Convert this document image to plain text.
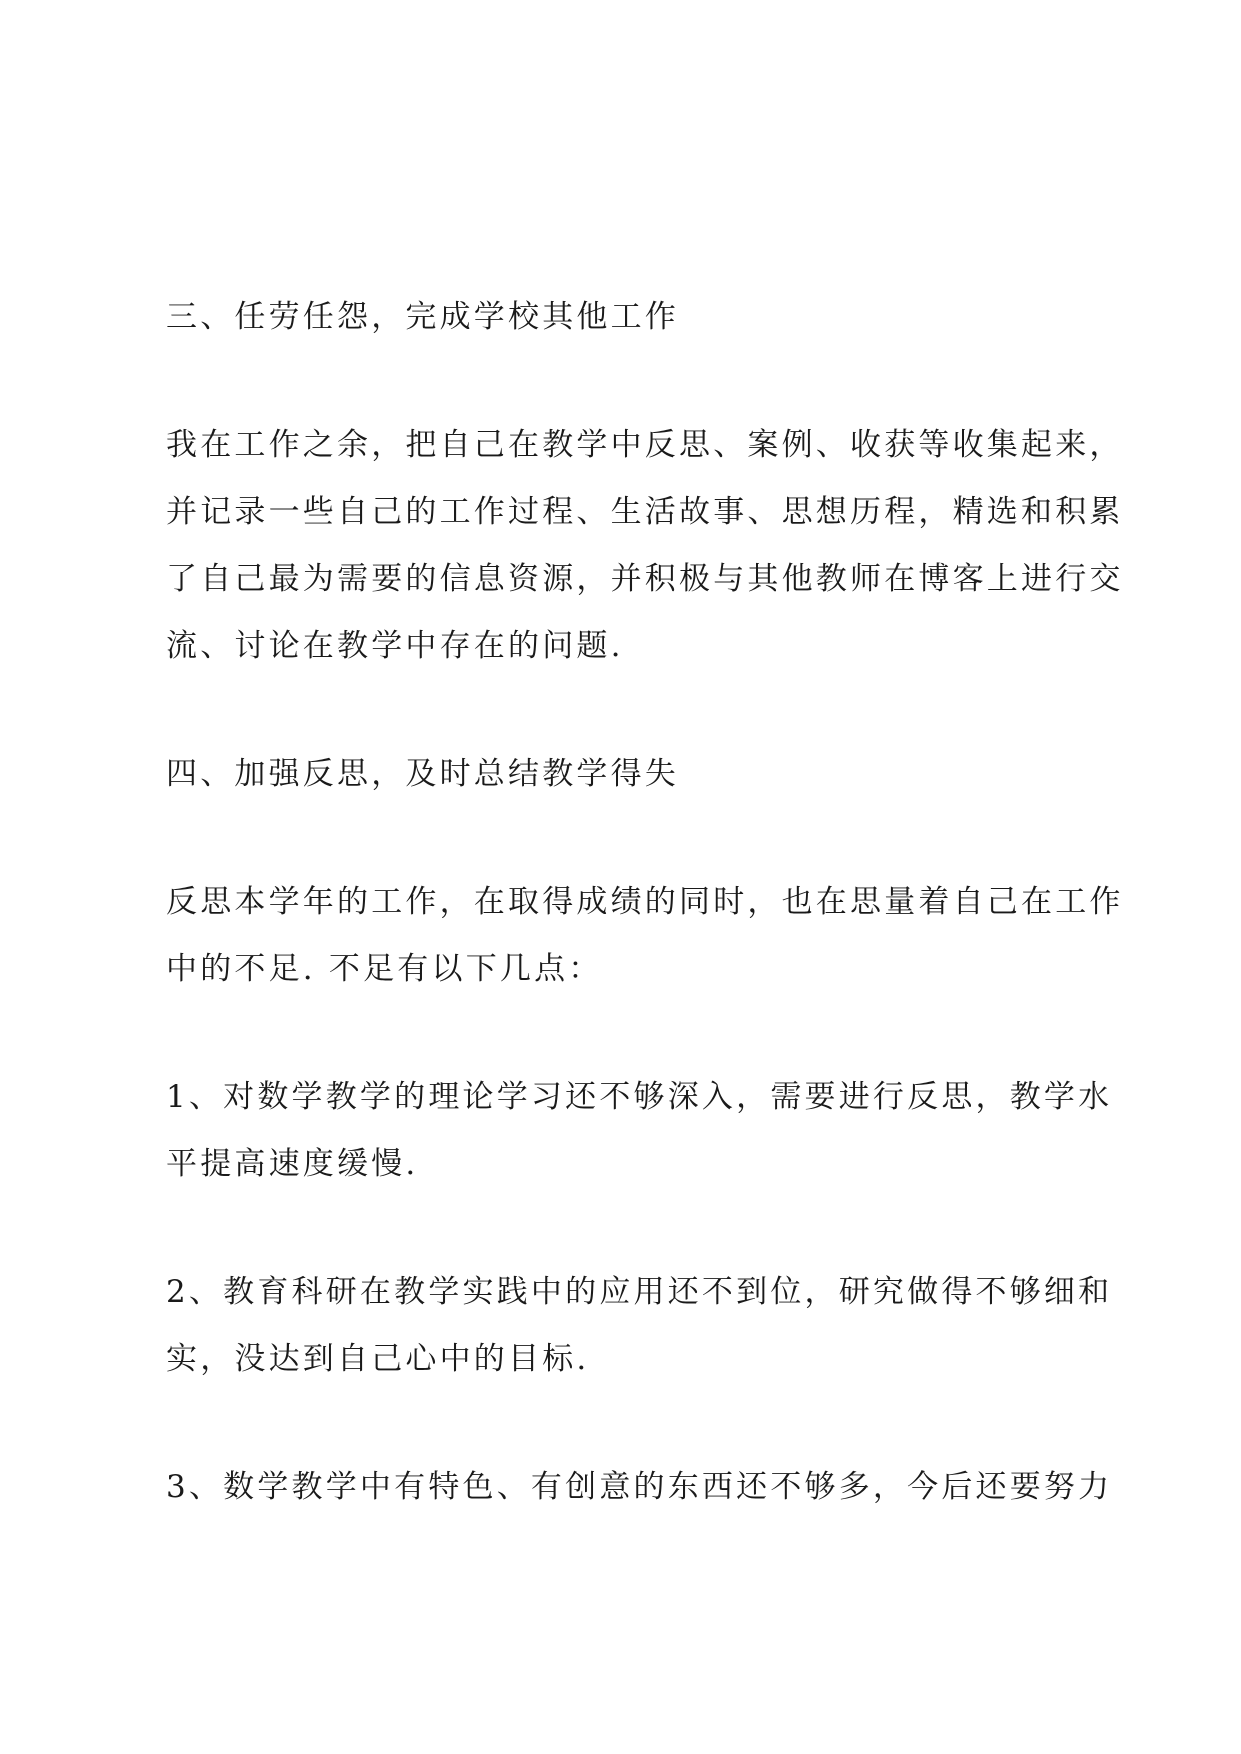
三、任劳任怨，完成学校其他工作
我在工作之余，把自己在教学中反思、案例、收获等收集起来，
并记录一些自己的工作过程、生活故事、思想历程，精选和积累
了自己最为需要的信息资源，并积极与其他教师在博客上进行交
流、讨论在教学中存在的问题.
四、加强反思，及时总结教学得失
反思本学年的工作，在取得成绩的同时，也在思量着自己在工作
中的不足. 不足有以下几点：
1、对数学教学的理论学习还不够深入，需要进行反思，教学水
平提高速度缓慢.
2、教育科研在教学实践中的应用还不到位，研究做得不够细和
实，没达到自己心中的目标.
3、数学教学中有特色、有创意的东西还不够多，今后还要努力
